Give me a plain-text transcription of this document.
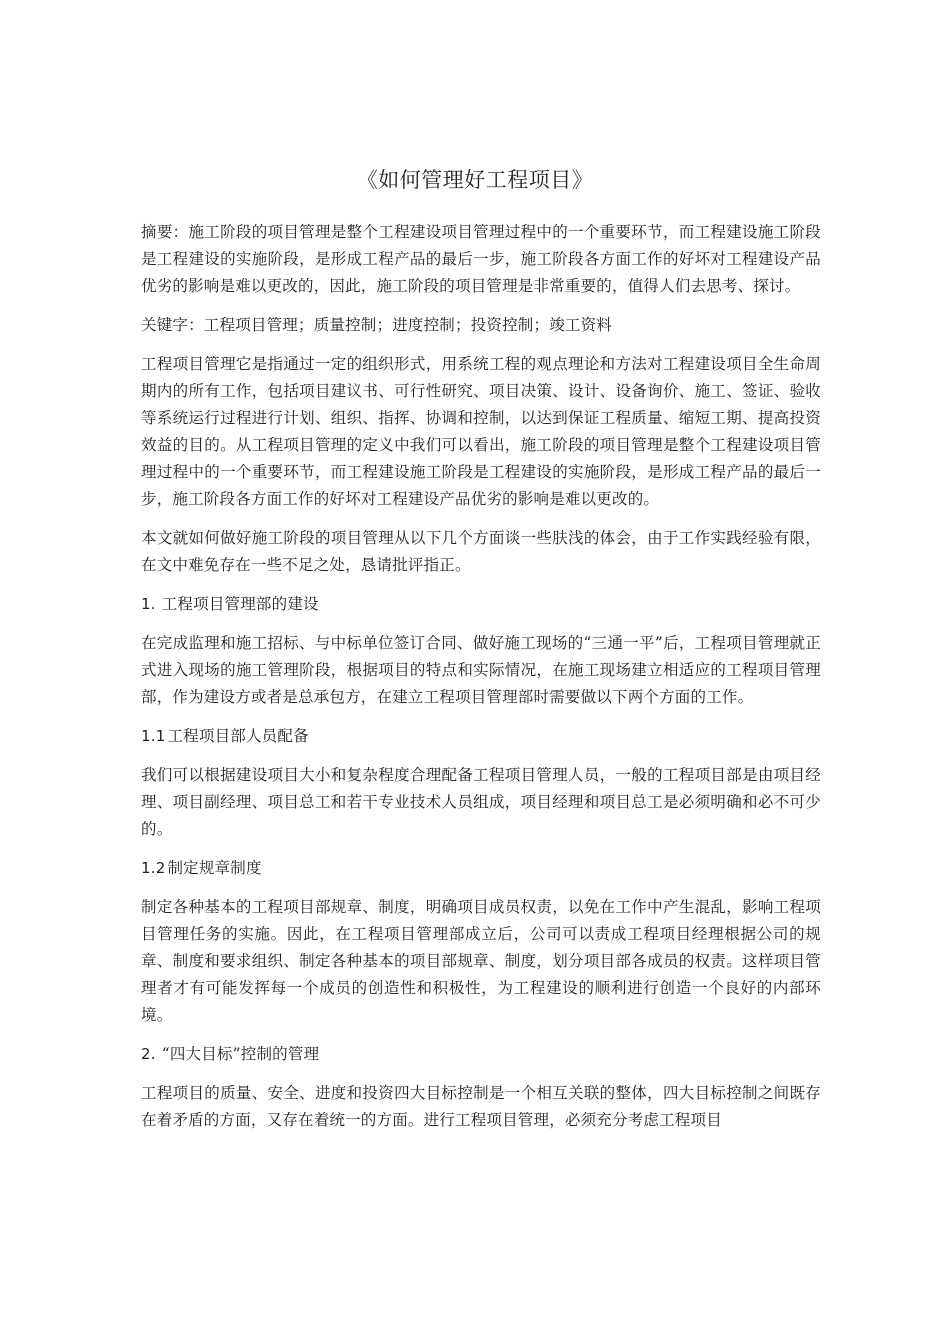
《如何管理好工程项目》

摘要：施工阶段的项目管理是整个工程建设项目管理过程中的一个重要环节，而工程建设施工阶段是工程建设的实施阶段，是形成工程产品的最后一步，施工阶段各方面工作的好坏对工程建设产品优劣的影响是难以更改的，因此，施工阶段的项目管理是非常重要的，值得人们去思考、探讨。

关键字：工程项目管理；质量控制；进度控制；投资控制；竣工资料

工程项目管理它是指通过一定的组织形式，用系统工程的观点理论和方法对工程建设项目全生命周期内的所有工作，包括项目建议书、可行性研究、项目决策、设计、设备询价、施工、签证、验收等系统运行过程进行计划、组织、指挥、协调和控制，以达到保证工程质量、缩短工期、提高投资效益的目的。从工程项目管理的定义中我们可以看出，施工阶段的项目管理是整个工程建设项目管理过程中的一个重要环节，而工程建设施工阶段是工程建设的实施阶段，是形成工程产品的最后一步，施工阶段各方面工作的好坏对工程建设产品优劣的影响是难以更改的。

本文就如何做好施工阶段的项目管理从以下几个方面谈一些肤浅的体会，由于工作实践经验有限，在文中难免存在一些不足之处，恳请批评指正。

1. 工程项目管理部的建设

在完成监理和施工招标、与中标单位签订合同、做好施工现场的“三通一平”后，工程项目管理就正式进入现场的施工管理阶段，根据项目的特点和实际情况，在施工现场建立相适应的工程项目管理部，作为建设方或者是总承包方，在建立工程项目管理部时需要做以下两个方面的工作。

1.1 工程项目部人员配备

我们可以根据建设项目大小和复杂程度合理配备工程项目管理人员，一般的工程项目部是由项目经理、项目副经理、项目总工和若干专业技术人员组成，项目经理和项目总工是必须明确和必不可少的。

1.2 制定规章制度

制定各种基本的工程项目部规章、制度，明确项目成员权责，以免在工作中产生混乱，影响工程项目管理任务的实施。因此，在工程项目管理部成立后，公司可以责成工程项目经理根据公司的规章、制度和要求组织、制定各种基本的项目部规章、制度，划分项目部各成员的权责。这样项目管理者才有可能发挥每一个成员的创造性和积极性，为工程建设的顺利进行创造一个良好的内部环境。

2. “四大目标”控制的管理

工程项目的质量、安全、进度和投资四大目标控制是一个相互关联的整体，四大目标控制之间既存在着矛盾的方面，又存在着统一的方面。进行工程项目管理，必须充分考虑工程项目
